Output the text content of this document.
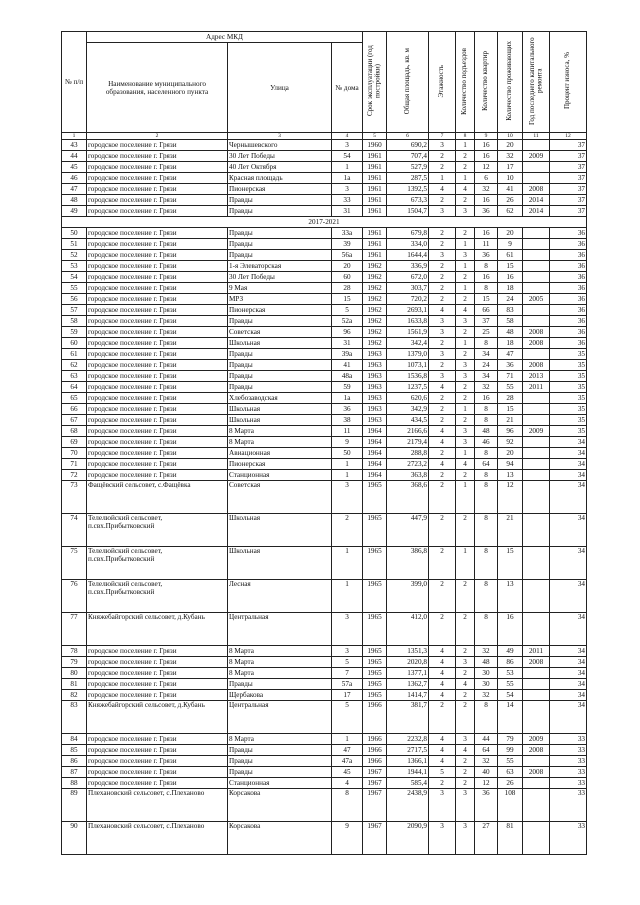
№ п/п	Адрес МКД			Срок эксплуатации (год постройки)	Общая площадь, кв. м	Этажность	Количество подъездов	Количество квартир	Количество проживающих	Год последнего капитального ремонта	Процент износа, %
	Наименование муниципального образования, населенного пункта	Улица	№ дома								
1	2	3	4	5	6	7	8	9	10	11	12
43	городское поселение г. Грязи	Чернышевского	3	1960	690,2	3	1	16	20		37
44	городское поселение г. Грязи	30 Лет Победы	54	1961	707,4	2	2	16	32	2009	37
45	городское поселение г. Грязи	40 Лет Октября	1	1961	527,9	2	2	12	17		37
46	городское поселение г. Грязи	Красная площадь	1а	1961	287,5	1	1	6	10		37
47	городское поселение г. Грязи	Пионерская	3	1961	1392,5	4	4	32	41	2008	37
48	городское поселение г. Грязи	Правды	33	1961	673,3	2	2	16	26	2014	37
49	городское поселение г. Грязи	Правды	31	1961	1504,7	3	3	36	62	2014	37
2017-2021											
50	городское поселение г. Грязи	Правды	33а	1961	679,8	2	2	16	20		36
51	городское поселение г. Грязи	Правды	39	1961	334,0	2	1	11	9		36
52	городское поселение г. Грязи	Правды	56а	1961	1644,4	3	3	36	61		36
53	городское поселение г. Грязи	1-я Элеваторская	20	1962	336,9	2	1	8	15		36
54	городское поселение г. Грязи	30 Лет Победы	60	1962	672,0	2	2	16	16		36
55	городское поселение г. Грязи	9 Мая	28	1962	303,7	2	1	8	18		36
56	городское поселение г. Грязи	МРЗ	15	1962	720,2	2	2	15	24	2005	36
57	городское поселение г. Грязи	Пионерская	5	1962	2693,1	4	4	66	83		36
58	городское поселение г. Грязи	Правды	52а	1962	1633,8	3	3	37	58		36
59	городское поселение г. Грязи	Советская	96	1962	1561,9	3	2	25	48	2008	36
60	городское поселение г. Грязи	Школьная	31	1962	342,4	2	1	8	18	2008	36
61	городское поселение г. Грязи	Правды	39а	1963	1379,0	3	2	34	47		35
62	городское поселение г. Грязи	Правды	41	1963	1073,1	2	3	24	36	2008	35
63	городское поселение г. Грязи	Правды	48а	1963	1536,8	3	3	34	71	2013	35
64	городское поселение г. Грязи	Правды	59	1963	1237,5	4	2	32	55	2011	35
65	городское поселение г. Грязи	Хлебозаводская	1а	1963	620,6	2	2	16	28		35
66	городское поселение г. Грязи	Школьная	36	1963	342,9	2	1	8	15		35
67	городское поселение г. Грязи	Школьная	38	1963	434,5	2	2	8	21		35
68	городское поселение г. Грязи	8 Марта	11	1964	2166,6	4	3	48	96	2009	35
69	городское поселение г. Грязи	8 Марта	9	1964	2179,4	4	3	46	92		34
70	городское поселение г. Грязи	Авиационная	50	1964	288,8	2	1	8	20		34
71	городское поселение г. Грязи	Пионерская	1	1964	2723,2	4	4	64	94		34
72	городское поселение г. Грязи	Станционная	1	1964	363,8	2	2	8	13		34
73	Фащёвский сельсовет, с.Фащёвка	Советская	3	1965	368,6	2	1	8	12		34
74	Телелюйский сельсовет, п.свх.Прибытковский	Школьная	2	1965	447,9	2	2	8	21		34
75	Телелюйский сельсовет, п.свх.Прибытковский	Школьная	1	1965	386,8	2	1	8	15		34
76	Телелюйский сельсовет, п.свх.Прибытковский	Лесная	1	1965	399,0	2	2	8	13		34
77	Княжебайгорский сельсовет, д.Кубань	Центральная	3	1965	412,0	2	2	8	16		34
78	городское поселение г. Грязи	8 Марта	3	1965	1351,3	4	2	32	49	2011	34
79	городское поселение г. Грязи	8 Марта	5	1965	2020,8	4	3	48	86	2008	34
80	городское поселение г. Грязи	8 Марта	7	1965	1377,1	4	2	30	53		34
81	городское поселение г. Грязи	Правды	57а	1965	1362,7	4	4	30	55		34
82	городское поселение г. Грязи	Щербакова	17	1965	1414,7	4	2	32	54		34
83	Княжебайгорский сельсовет, д.Кубань	Центральная	5	1966	381,7	2	2	8	14		34
84	городское поселение г. Грязи	8 Марта	1	1966	2232,8	4	3	44	79	2009	33
85	городское поселение г. Грязи	Правды	47	1966	2717,5	4	4	64	99	2008	33
86	городское поселение г. Грязи	Правды	47а	1966	1366,1	4	2	32	55		33
87	городское поселение г. Грязи	Правды	45	1967	1944,1	5	2	40	63	2008	33
88	городское поселение г. Грязи	Станционная	4	1967	585,4	2	2	12	26		33
89	Плехановский сельсовет, с.Плеханово	Корсакова	8	1967	2438,9	3	3	36	108		33
90	Плехановский сельсовет, с.Плеханово	Корсакова	9	1967	2090,9	3	3	27	81		33
